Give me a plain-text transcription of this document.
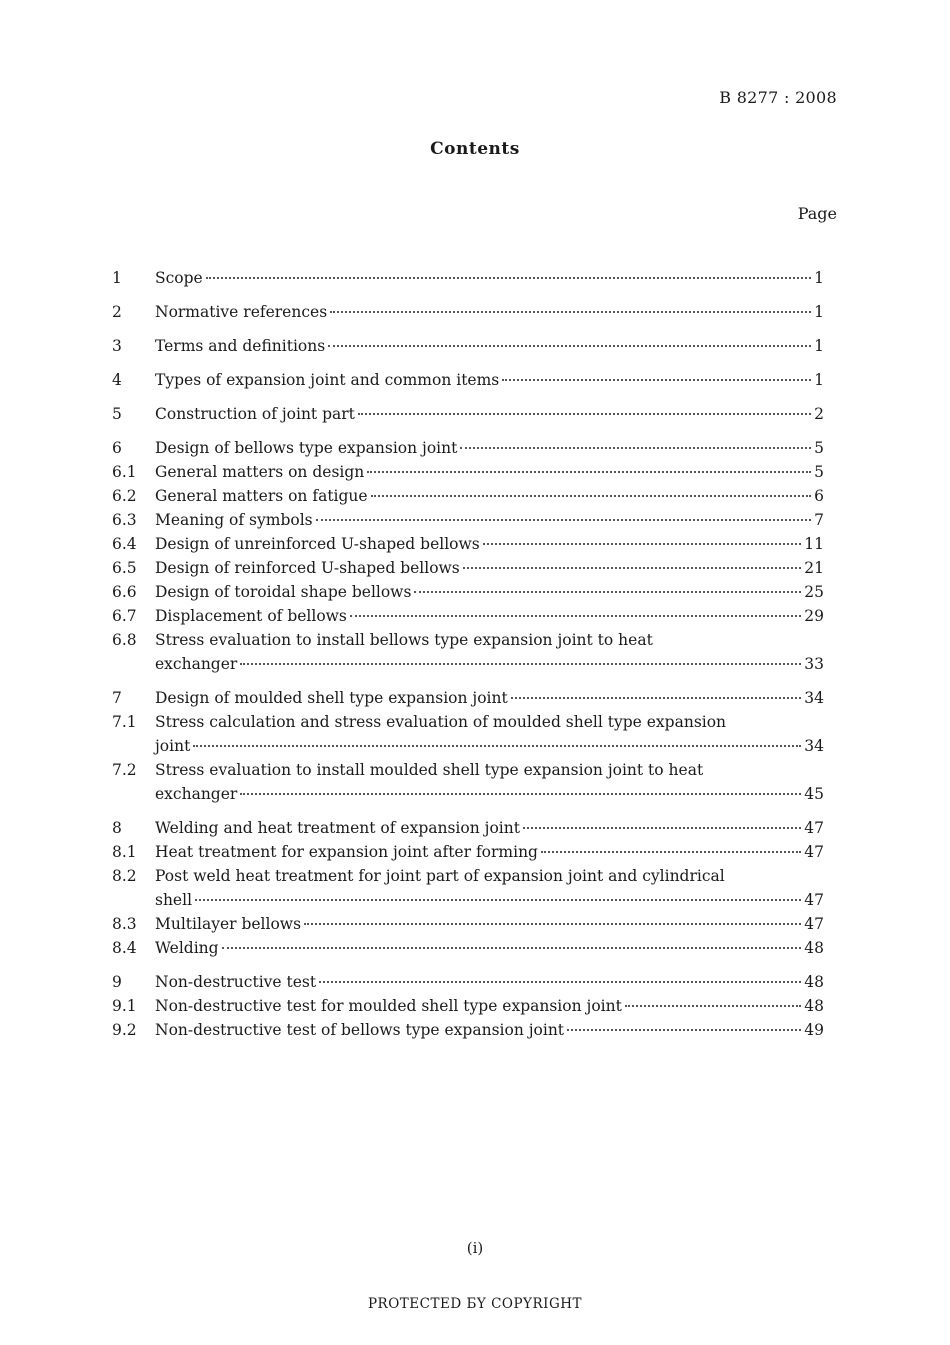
B 8277 : 2008
Contents
Page
1	Scope	1
2	Normative references	1
3	Terms and definitions	1
4	Types of expansion joint and common items	1
5	Construction of joint part	2
6	Design of bellows type expansion joint	5
6.1	General matters on design	5
6.2	General matters on fatigue	6
6.3	Meaning of symbols	7
6.4	Design of unreinforced U-shaped bellows	11
6.5	Design of reinforced U-shaped bellows	21
6.6	Design of toroidal shape bellows	25
6.7	Displacement of bellows	29
6.8	Stress evaluation to install bellows type expansion joint to heat
exchanger	33
7	Design of moulded shell type expansion joint	34
7.1	Stress calculation and stress evaluation of moulded shell type expansion
joint	34
7.2	Stress evaluation to install moulded shell type expansion joint to heat
exchanger	45
8	Welding and heat treatment of expansion joint	47
8.1	Heat treatment for expansion joint after forming	47
8.2	Post weld heat treatment for joint part of expansion joint and cylindrical
shell	47
8.3	Multilayer bellows	47
8.4	Welding	48
9	Non-destructive test	48
9.1	Non-destructive test for moulded shell type expansion joint	48
9.2	Non-destructive test of bellows type expansion joint	49
(i)
PROTECTED БY COPYRIGHT
